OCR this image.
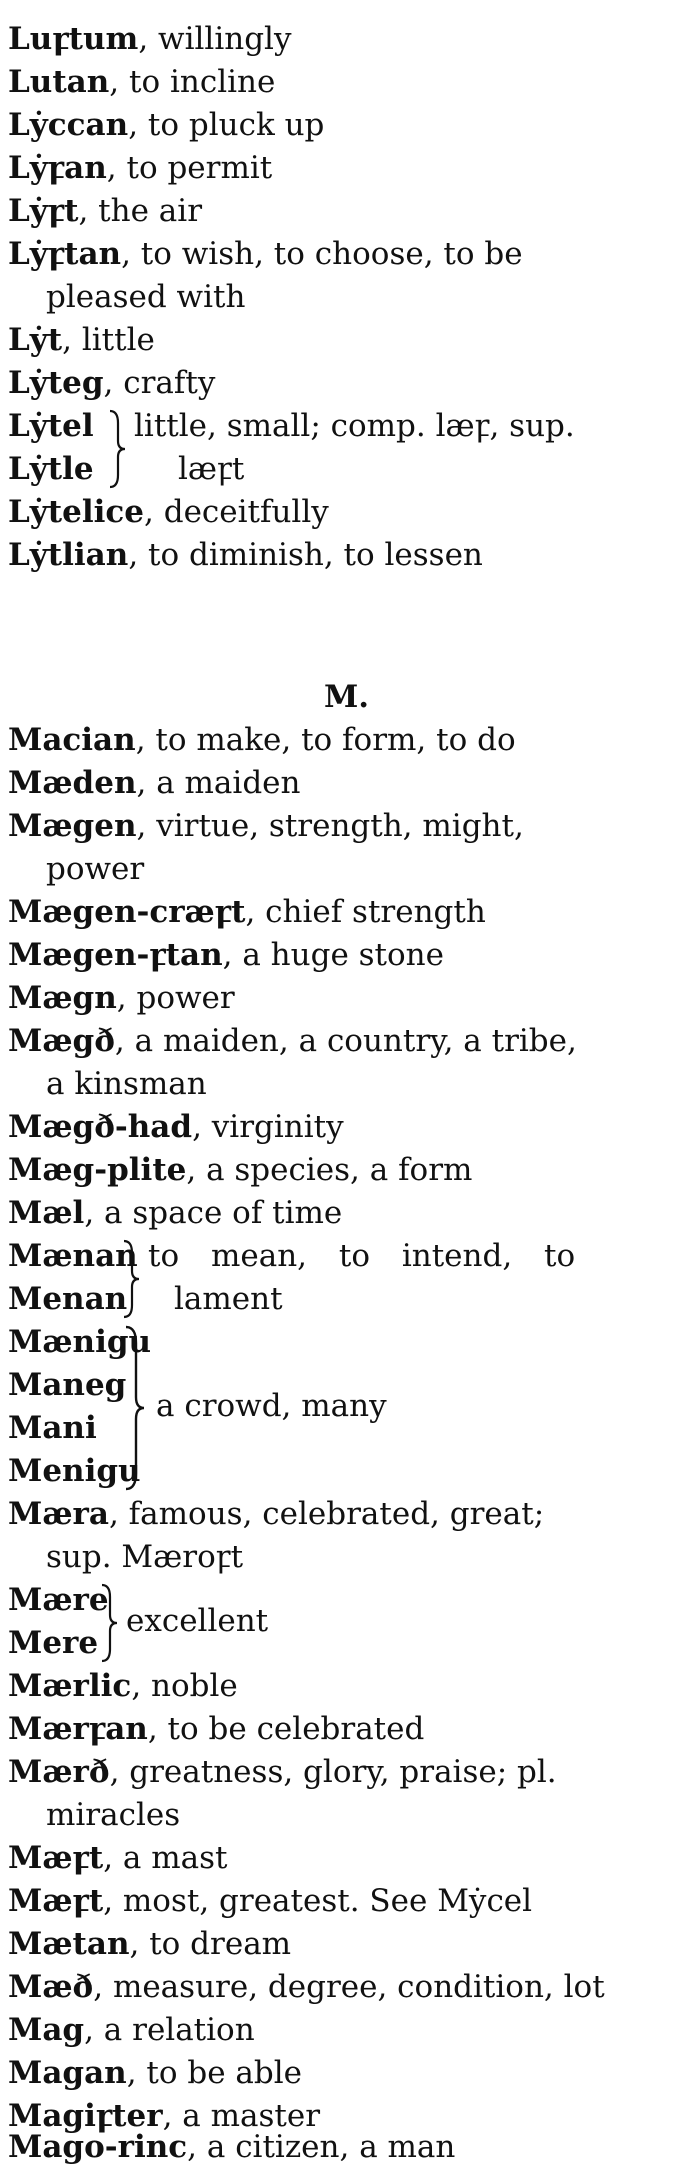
Luꝼtum, willingly
Lutan, to incline
Lẏccan, to pluck up
Lẏꝼan, to permit
Lẏꝼt, the air
Lẏꝼtan, to wish, to choose, to be
pleased with
Lẏt, little
Lẏteg, crafty
Lẏtel
Lẏtle
little, small; comp. læꝼ, sup.
læꝼt
Lẏtelice, deceitfully
Lẏtlian, to diminish, to lessen
M.
Macian, to make, to form, to do
Mæden, a maiden
Mægen, virtue, strength, might,
power
Mægen-cræꝼt, chief strength
Mægen-ꝼtan, a huge stone
Mægn, power
Mægð, a maiden, a country, a tribe,
a kinsman
Mægð-had, virginity
Mæg-plite, a species, a form
Mæl, a space of time
Mænan
Menan
to mean, to intend, to
lament
Mænigu
Maneg
Mani
Menigu
a crowd, many
Mæra, famous, celebrated, great;
sup. Mæroꝼt
Mære
Mere
excellent
Mærlic, noble
Mærꝼan, to be celebrated
Mærð, greatness, glory, praise; pl.
miracles
Mæꝼt, a mast
Mæꝼt, most, greatest. See Mẏcel
Mætan, to dream
Mæð, measure, degree, condition, lot
Mag, a relation
Magan, to be able
Magiꝼter, a master
Mago-rinc, a citizen, a man
